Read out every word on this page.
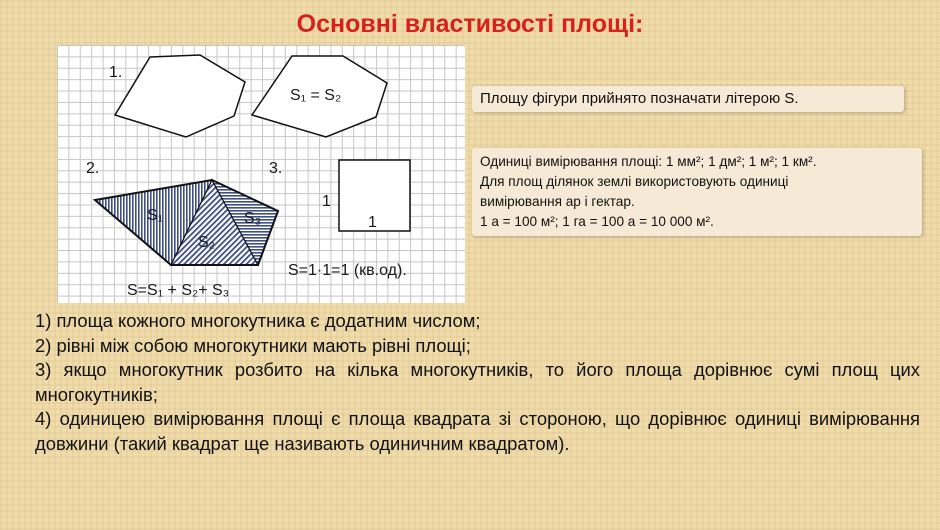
Основні властивості площі:
1.
S₁ = S₂
2.	3.
S₁
S₂
S₃
1
1
S=1·1=1 (кв.од).
S=S₁ + S₂+ S₃
Площу фігури прийнято позначати літерою S.
Одиниці вимірювання площі: 1 мм²; 1 дм²; 1 м²; 1 км².
Для площ ділянок землі використовують одиниці
вимірювання ар і гектар.
1 а = 100 м²; 1 га = 100 а = 10 000 м².
1) площа кожного многокутника є додатним числом;
2) рівні між собою многокутники мають рівні площі;
3) якщо многокутник розбито на кілька многокутників, то його площа дорівнює сумі площ цих многокутників;
4) одиницею вимірювання площі є площа квадрата зі стороною, що дорівнює одиниці вимірювання довжини (такий квадрат ще називають одиничним квадратом).
